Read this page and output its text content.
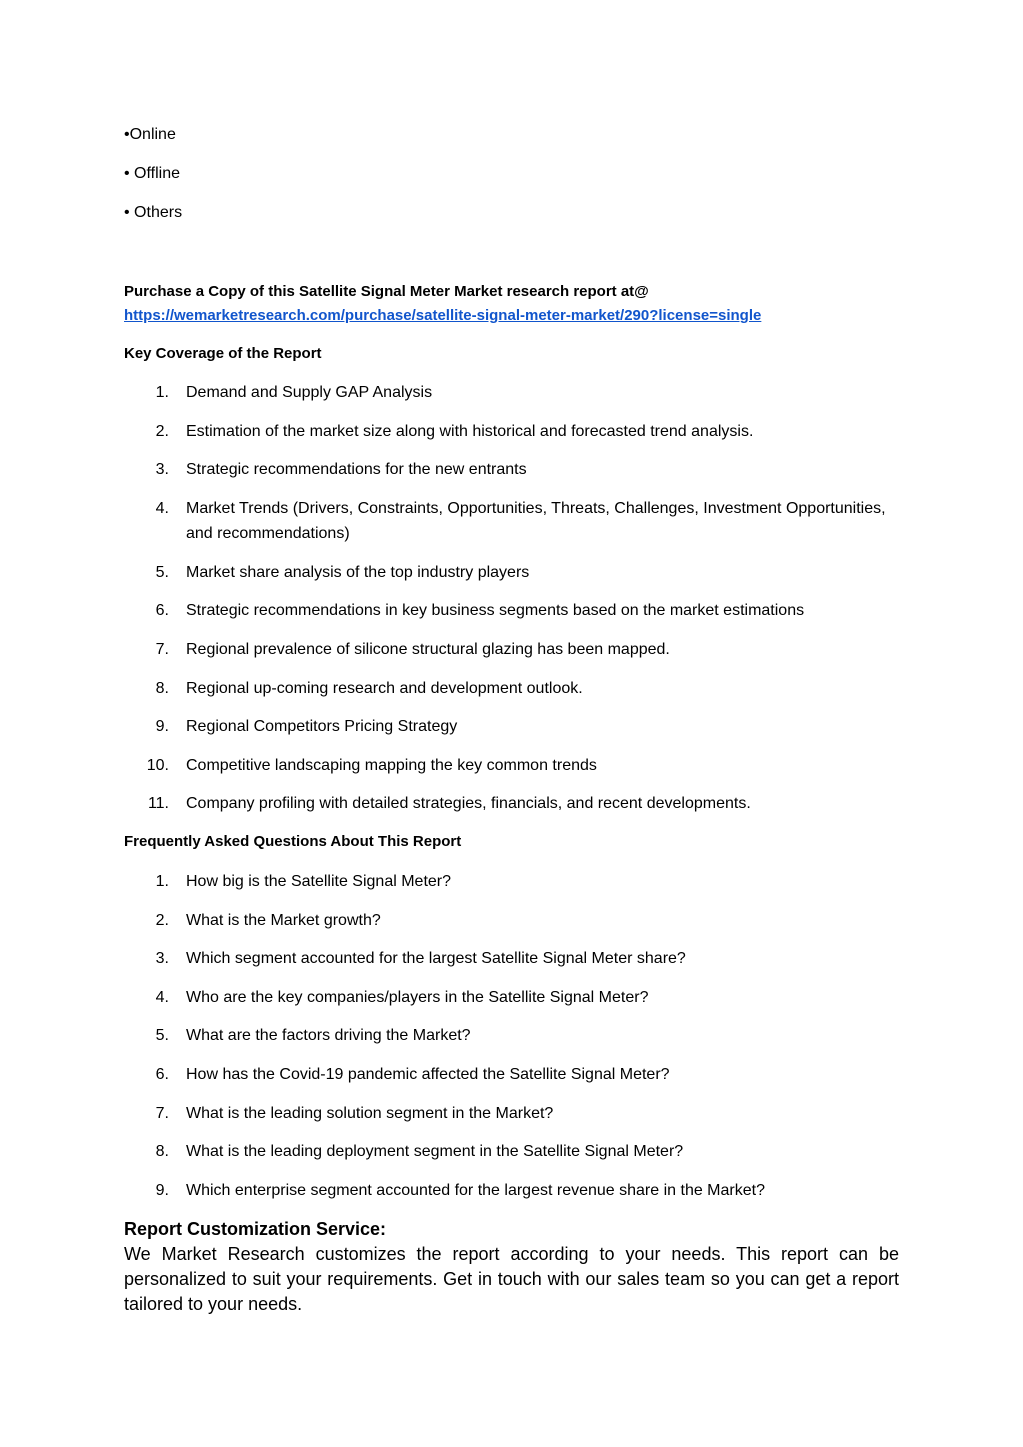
•Online
• Offline
• Others
Purchase a Copy of this Satellite Signal Meter Market research report at@
https://wemarketresearch.com/purchase/satellite-signal-meter-market/290?license=single
Key Coverage of the Report
1. Demand and Supply GAP Analysis
2. Estimation of the market size along with historical and forecasted trend analysis.
3. Strategic recommendations for the new entrants
4. Market Trends (Drivers, Constraints, Opportunities, Threats, Challenges, Investment Opportunities, and recommendations)
5. Market share analysis of the top industry players
6. Strategic recommendations in key business segments based on the market estimations
7. Regional prevalence of silicone structural glazing has been mapped.
8. Regional up-coming research and development outlook.
9. Regional Competitors Pricing Strategy
10. Competitive landscaping mapping the key common trends
11. Company profiling with detailed strategies, financials, and recent developments.
Frequently Asked Questions About This Report
1. How big is the Satellite Signal Meter?
2. What is the Market growth?
3. Which segment accounted for the largest Satellite Signal Meter share?
4. Who are the key companies/players in the Satellite Signal Meter?
5. What are the factors driving the Market?
6. How has the Covid-19 pandemic affected the Satellite Signal Meter?
7. What is the leading solution segment in the Market?
8. What is the leading deployment segment in the Satellite Signal Meter?
9. Which enterprise segment accounted for the largest revenue share in the Market?
Report Customization Service:

We Market Research customizes the report according to your needs. This report can be personalized to suit your requirements. Get in touch with our sales team so you can get a report tailored to your needs.
